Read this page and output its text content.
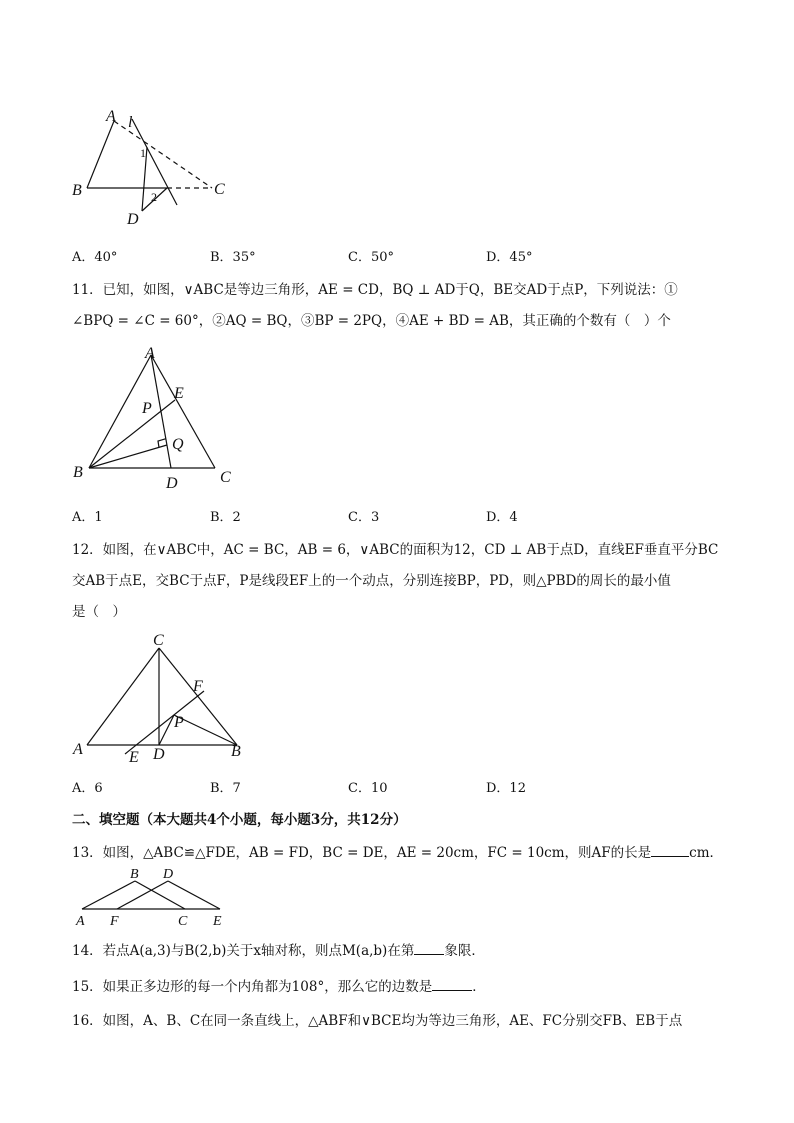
A l
B	C
D
1
2
A．40°	B．35°	C．50°	D．45°
11．已知，如图，∨ABC是等边三角形，AE = CD，BQ ⊥ AD于Q，BE交AD于点P，下列说法：①
∠BPQ = ∠C = 60°，②AQ = BQ，③BP = 2PQ，④AE + BD = AB，其正确的个数有（　）个
A
E
P
Q
B	C
D
A．1	B．2	C．3	D．4
12．如图，在∨ABC中，AC = BC，AB = 6，∨ABC的面积为12，CD ⊥ AB于点D，直线EF垂直平分BC
交AB于点E，交BC于点F，P是线段EF上的一个动点，分别连接BP，PD，则△PBD的周长的最小值
是（　）
C
F
P
A	E D	B
A．6	B．7	C．10	D．12
二、填空题（本大题共4个小题，每小题3分，共12分）
13．如图，△ABC≌△FDE，AB = FD，BC = DE，AE = 20cm，FC = 10cm，则AF的长是	cm．
B D
A F	C E
14．若点A(a,3)与B(2,b)关于x轴对称，则点M(a,b)在第 象限．
15．如果正多边形的每一个内角都为108°，那么它的边数是	．
16．如图，A、B、C在同一条直线上，△ABF和∨BCE均为等边三角形，AE、FC分别交FB、EB于点
